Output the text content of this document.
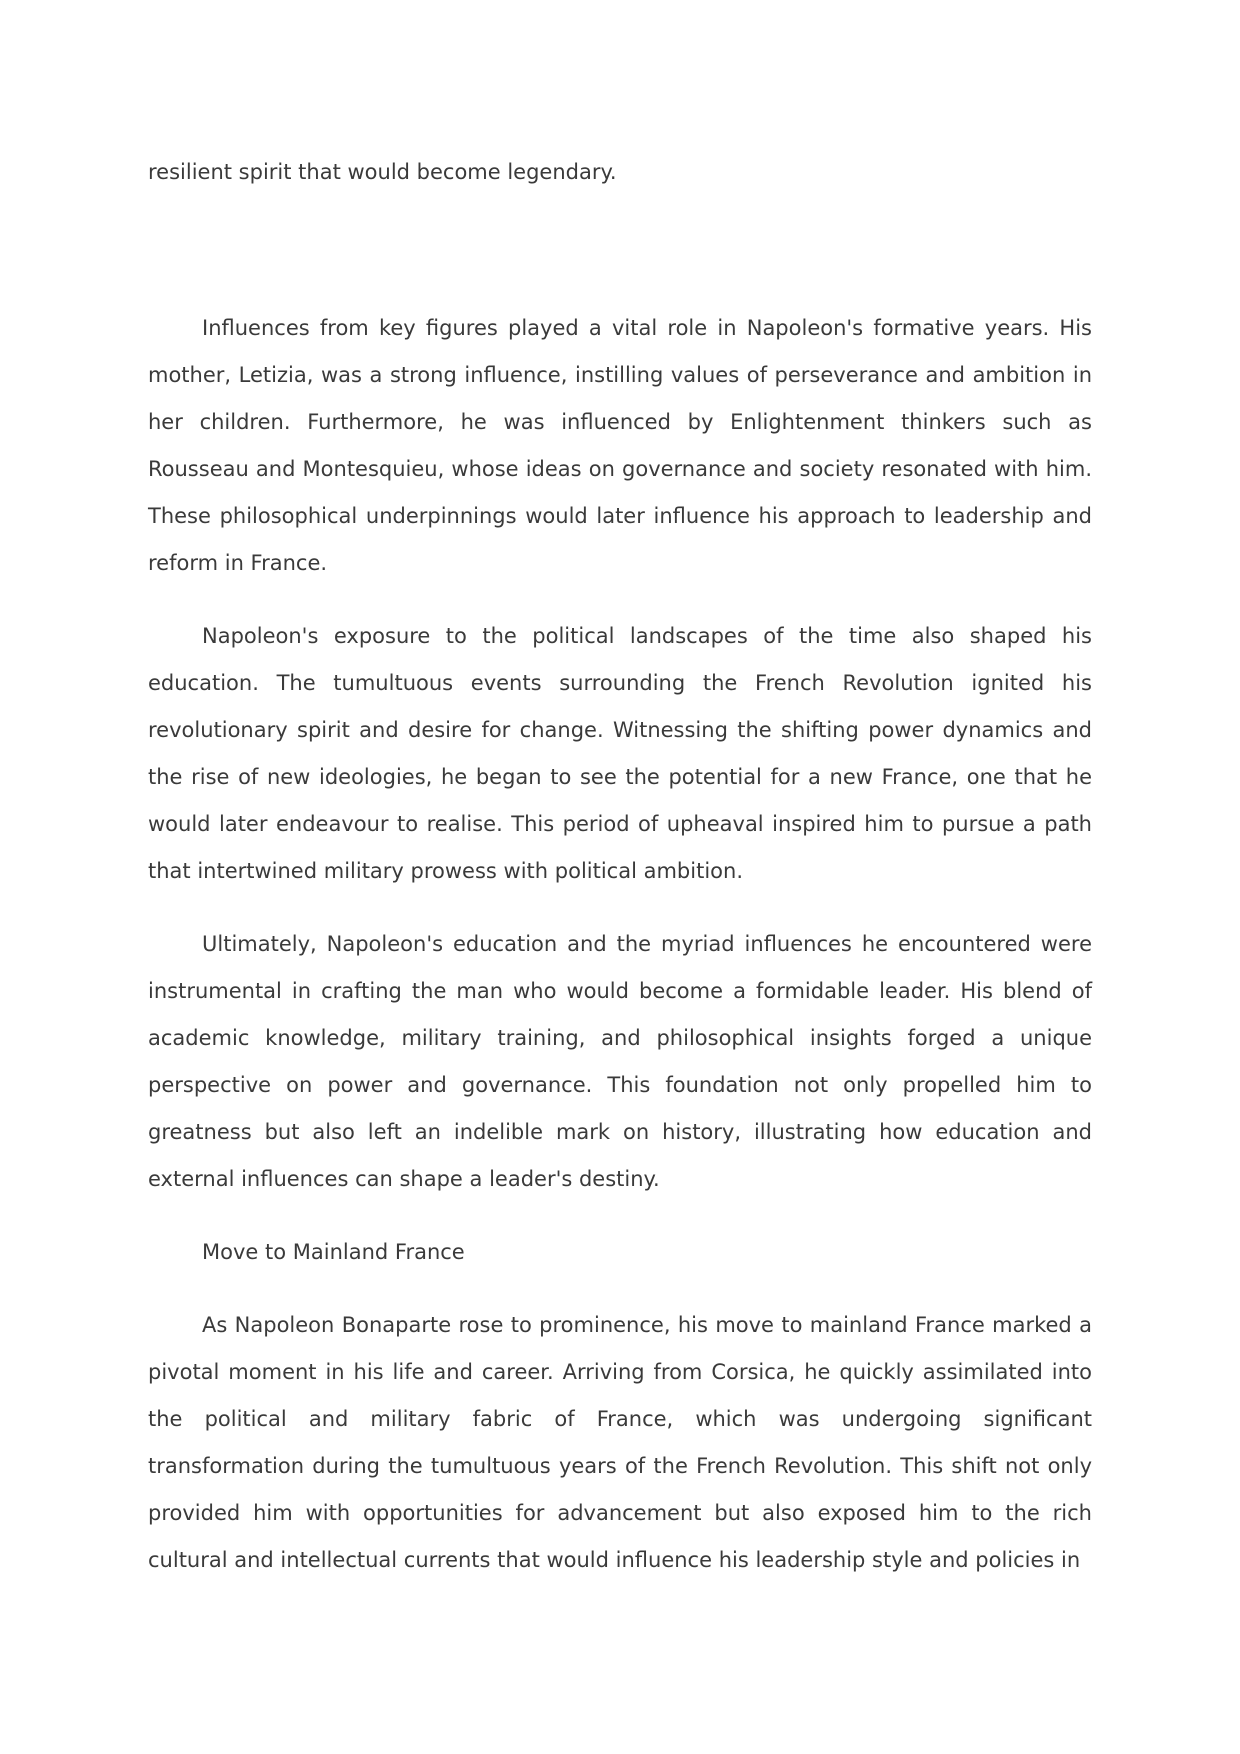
resilient spirit that would become legendary.

Influences from key figures played a vital role in Napoleon's formative years. His mother, Letizia, was a strong influence, instilling values of perseverance and ambition in her children. Furthermore, he was influenced by Enlightenment thinkers such as Rousseau and Montesquieu, whose ideas on governance and society resonated with him. These philosophical underpinnings would later influence his approach to leadership and reform in France.

Napoleon's exposure to the political landscapes of the time also shaped his education. The tumultuous events surrounding the French Revolution ignited his revolutionary spirit and desire for change. Witnessing the shifting power dynamics and the rise of new ideologies, he began to see the potential for a new France, one that he would later endeavour to realise. This period of upheaval inspired him to pursue a path that intertwined military prowess with political ambition.

Ultimately, Napoleon's education and the myriad influences he encountered were instrumental in crafting the man who would become a formidable leader. His blend of academic knowledge, military training, and philosophical insights forged a unique perspective on power and governance. This foundation not only propelled him to greatness but also left an indelible mark on history, illustrating how education and external influences can shape a leader's destiny.

Move to Mainland France

As Napoleon Bonaparte rose to prominence, his move to mainland France marked a pivotal moment in his life and career. Arriving from Corsica, he quickly assimilated into the political and military fabric of France, which was undergoing significant transformation during the tumultuous years of the French Revolution. This shift not only provided him with opportunities for advancement but also exposed him to the rich cultural and intellectual currents that would influence his leadership style and policies in
